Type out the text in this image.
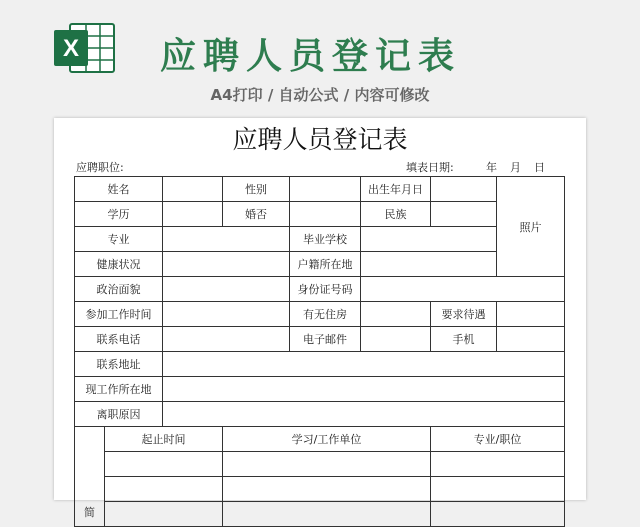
X 应聘人员登记表
A4打印 / 自动公式 / 内容可修改
应聘人员登记表
应聘职位:	填表日期:	年 月 日
姓名			性别		出生年月日		照片
学历			婚否		民族		
专业				毕业学校			
健康状况				户籍所在地			
政治面貌				身份证号码			
参加工作时间				有无住房		要求待遇	
联系电话				电子邮件		手机	
联系地址							
现工作所在地							
离职原因							
简	起止时间		学习/工作单位			专业/职位	
